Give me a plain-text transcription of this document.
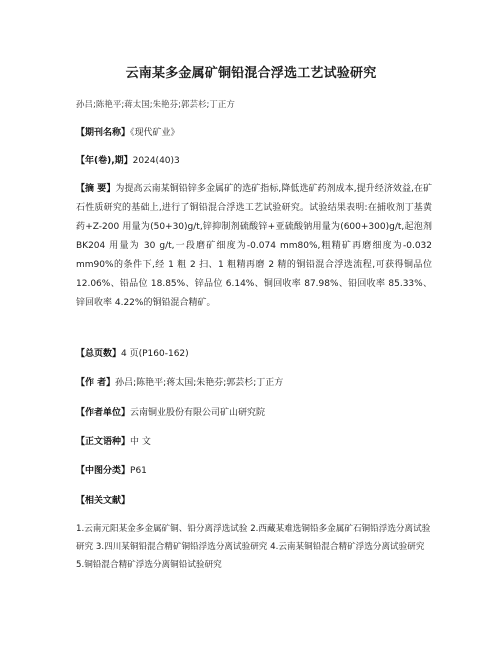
云南某多金属矿铜铅混合浮选工艺试验研究
孙吕;陈艳平;蒋太国;朱艳芬;郭芸杉;丁正方
【期刊名称】《现代矿业》
【年(卷),期】2024(40)3
【摘 要】为提高云南某铜铅锌多金属矿的选矿指标,降低选矿药剂成本,提升经济效益,在矿石性质研究的基础上,进行了铜铅混合浮选工艺试验研究。试验结果表明:在捕收剂丁基黄药+Z-200 用量为(50+30)g/t,锌抑制剂硫酸锌+亚硫酸钠用量为(600+300)g/t,起泡剂 BK204 用量为 30 g/t,一段磨矿细度为-0.074 mm80%,粗精矿再磨细度为-0.032 mm90%的条件下,经 1 粗 2 扫、1 粗精再磨 2 精的铜铅混合浮选流程,可获得铜品位 12.06%、铅品位 18.85%、锌品位 6.14%、铜回收率 87.98%、铅回收率 85.33%、锌回收率 4.22%的铜铅混合精矿。
【总页数】4 页(P160-162)
【作 者】孙吕;陈艳平;蒋太国;朱艳芬;郭芸杉;丁正方
【作者单位】云南铜业股份有限公司矿山研究院
【正文语种】中 文
【中图分类】P61
【相关文献】
1.云南元阳某金多金属矿铜、铅分离浮选试验 2.西藏某难选铜铅多金属矿石铜铅浮选分离试验研究 3.四川某铜铅混合精矿铜铅浮选分离试验研究 4.云南某铜铅混合精矿浮选分离试验研究 5.铜铅混合精矿浮选分离铜铅试验研究
